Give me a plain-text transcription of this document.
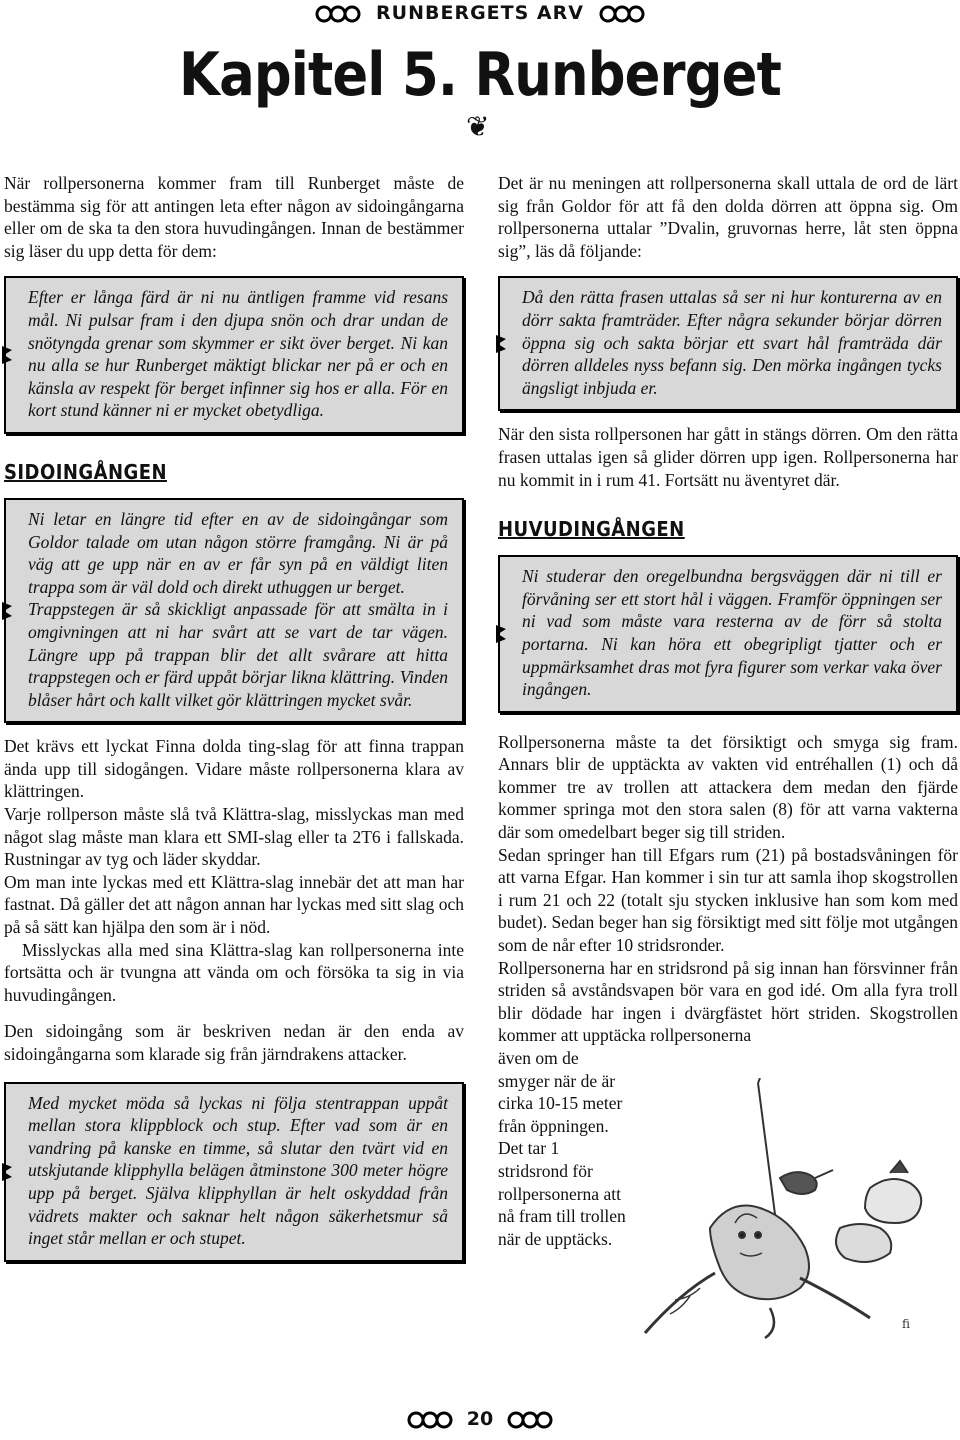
RUNBERGETS ARV
Kapitel 5. Runberget
❦

När rollpersonerna kommer fram till Runberget måste de bestämma sig för att antingen leta efter någon av sidoingångarna eller om de ska ta den stora huvudingången. Innan de bestämmer sig läser du upp detta för dem:

Efter er långa färd är ni nu äntligen framme vid resans mål. Ni pulsar fram i den djupa snön och drar undan de snötyngda grenar som skymmer er sikt över berget. Ni kan nu alla se hur Runberget mäktigt blickar ner på er och en känsla av respekt för berget infinner sig hos er alla. För en kort stund känner ni er mycket obetydliga.

SIDOINGÅNGEN

Ni letar en längre tid efter en av de sidoingångar som Goldor talade om utan någon större framgång. Ni är på väg att ge upp när en av er får syn på en väldigt liten trappa som är väl dold och direkt uthuggen ur berget.

Trappstegen är så skickligt anpassade för att smälta in i omgivningen att ni har svårt att se vart de tar vägen. Längre upp på trappan blir det allt svårare att hitta trappstegen och er färd uppåt börjar likna klättring. Vinden blåser hårt och kallt vilket gör klättringen mycket svår.

Det krävs ett lyckat Finna dolda ting-slag för att finna trappan ända upp till sidogången. Vidare måste rollpersonerna klara av klättringen.

Varje rollperson måste slå två Klättra-slag, misslyckas man med något slag måste man klara ett SMI-slag eller ta 2T6 i fallskada. Rustningar av tyg och läder skyddar.

Om man inte lyckas med ett Klättra-slag innebär det att man har fastnat. Då gäller det att någon annan har lyckas med sitt slag och på så sätt kan hjälpa den som är i nöd.

Misslyckas alla med sina Klättra-slag kan rollpersonerna inte fortsätta och är tvungna att vända om och försöka ta sig in via huvudingången.

Den sidoingång som är beskriven nedan är den enda av sidoingångarna som klarade sig från järndrakens attacker.

Med mycket möda så lyckas ni följa stentrappan uppåt mellan stora klippblock och stup. Efter vad som är en vandring på kanske en timme, så slutar den tvärt vid en utskjutande klipphylla belägen åtminstone 300 meter högre upp på berget. Själva klipphyllan är helt oskyddad från vädrets makter och saknar helt någon säkerhetsmur så inget står mellan er och stupet.

Det är nu meningen att rollpersonerna skall uttala de ord de lärt sig från Goldor för att få den dolda dörren att öppna sig. Om rollpersonerna uttalar ”Dvalin, gruvornas herre, låt sten öppna sig”, läs då följande:

Då den rätta frasen uttalas så ser ni hur konturerna av en dörr sakta framträder. Efter några sekunder börjar dörren öppna sig och sakta börjar ett svart hål framträda där dörren alldeles nyss befann sig. Den mörka ingången tycks ängsligt inbjuda er.

När den sista rollpersonen har gått in stängs dörren. Om den rätta frasen uttalas igen så glider dörren upp igen. Rollpersonerna har nu kommit in i rum 41. Fortsätt nu äventyret där.

HUVUDINGÅNGEN

Ni studerar den oregelbundna bergsväggen där ni till er förvåning ser ett stort hål i väggen. Framför öppningen ser ni vad som måste vara resterna av de förr så stolta portarna. Ni kan höra ett obegripligt tjatter och er uppmärksamhet dras mot fyra figurer som verkar vaka över ingången.

Rollpersonerna måste ta det försiktigt och smyga sig fram. Annars blir de upptäckta av vakten vid entréhallen (1) och då kommer tre av trollen att attackera dem medan den fjärde kommer springa mot den stora salen (8) för att varna vakterna där som omedelbart beger sig till striden.

Sedan springer han till Efgars rum (21) på bostadsvåningen för att varna Efgar. Han kommer i sin tur att samla ihop skogstrollen i rum 21 och 22 (totalt sju stycken inklusive han som kom med budet). Sedan beger han sig försiktigt med sitt följe mot utgången som de når efter 10 stridsronder.

Rollpersonerna har en stridsrond på sig innan han försvinner från striden så avståndsvapen bör vara en god idé. Om alla fyra troll blir dödade har ingen i dvärgfästet hört striden. Skogstrollen kommer att upptäcka rollpersonerna

även om de smyger när de är cirka 10-15 meter från öppningen.

Det tar 1 stridsrond för rollpersonerna att nå fram till trollen när de upptäcks.

ﬁ
20
